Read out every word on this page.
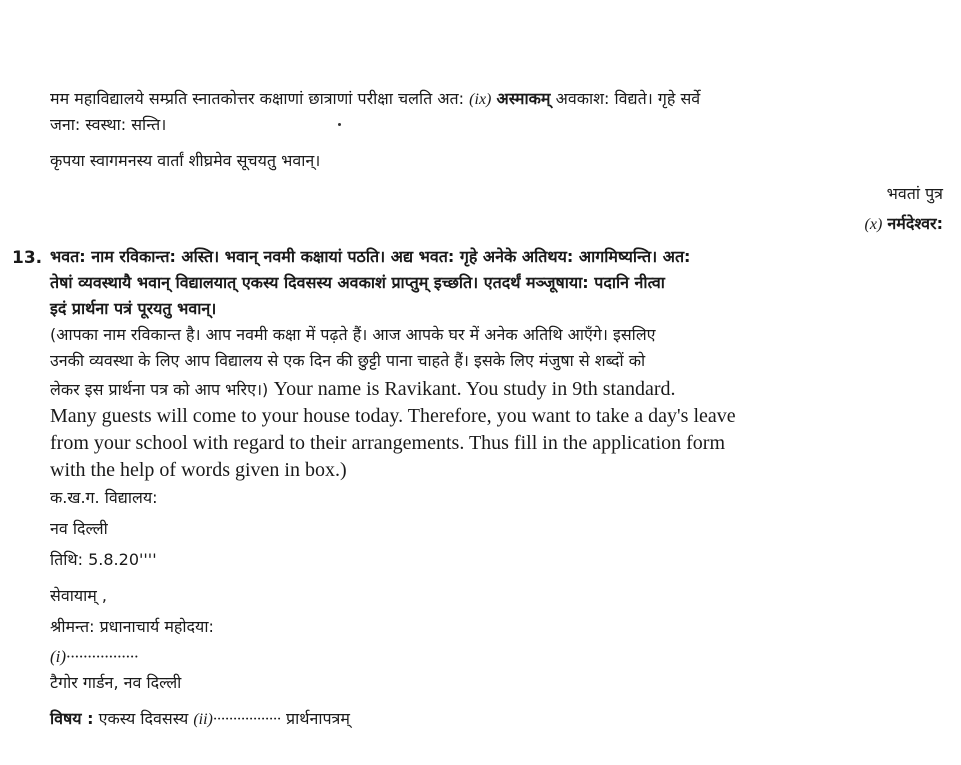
मम महाविद्यालये सम्प्रति स्नातकोत्तर कक्षाणां छात्राणां परीक्षा चलति अत: (ix) अस्माकम् अवकाश: विद्यते। गृहे सर्वे
जना: स्वस्था: सन्ति।
कृपया स्वागमनस्य वार्तां शीघ्रमेव सूचयतु भवान्।
भवतां पुत्र
(x) नर्मदेश्वर:
13. भवत: नाम रविकान्त: अस्ति। भवान् नवमी कक्षायां पठति। अद्य भवत: गृहे अनेके अतिथय: आगमिष्यन्ति। अत:
तेषां व्यवस्थायै भवान् विद्यालयात् एकस्य दिवसस्य अवकाशं प्राप्तुम् इच्छति। एतदर्थं मञ्जूषाया: पदानि नीत्वा
इदं प्रार्थना पत्रं पूरयतु भवान्।
(आपका नाम रविकान्त है। आप नवमी कक्षा में पढ़ते हैं। आज आपके घर में अनेक अतिथि आएँगे। इसलिए
उनकी व्यवस्था के लिए आप विद्यालय से एक दिन की छुट्टी पाना चाहते हैं। इसके लिए मंजुषा से शब्दों को
लेकर इस प्रार्थना पत्र को आप भरिए।) Your name is Ravikant. You study in 9th standard.
Many guests will come to your house today. Therefore, you want to take a day's leave
from your school with regard to their arrangements. Thus fill in the application form
with the help of words given in box.)
क.ख.ग. विद्यालय:
नव दिल्ली
तिथि: 5.8.20''''
सेवायाम् ,
श्रीमन्त: प्रधानाचार्य महोदया:
(i)·················
टैगोर गार्डन, नव दिल्ली
विषय : एकस्य दिवसस्य (ii)················· प्रार्थनापत्रम्
